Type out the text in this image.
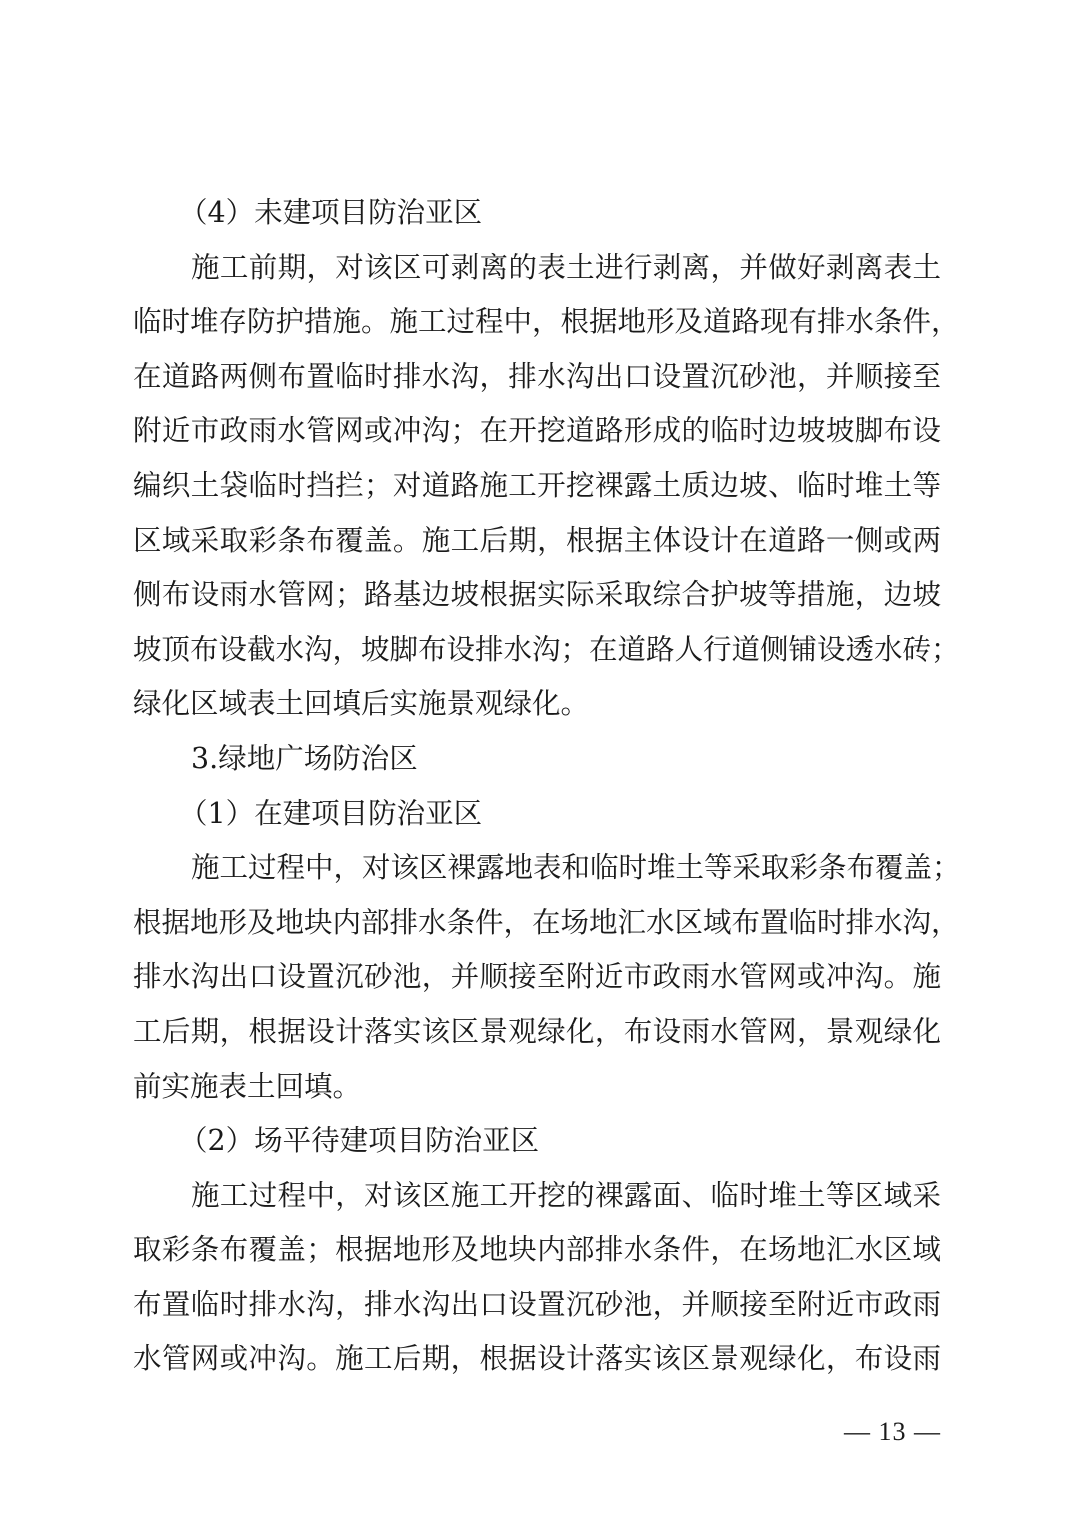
（4）未建项目防治亚区
施工前期，对该区可剥离的表土进行剥离，并做好剥离表土
临时堆存防护措施。施工过程中，根据地形及道路现有排水条件，
在道路两侧布置临时排水沟，排水沟出口设置沉砂池，并顺接至
附近市政雨水管网或冲沟；在开挖道路形成的临时边坡坡脚布设
编织土袋临时挡拦；对道路施工开挖裸露土质边坡、临时堆土等
区域采取彩条布覆盖。施工后期，根据主体设计在道路一侧或两
侧布设雨水管网；路基边坡根据实际采取综合护坡等措施，边坡
坡顶布设截水沟，坡脚布设排水沟；在道路人行道侧铺设透水砖；
绿化区域表土回填后实施景观绿化。
3.绿地广场防治区
（1）在建项目防治亚区
施工过程中，对该区裸露地表和临时堆土等采取彩条布覆盖；
根据地形及地块内部排水条件，在场地汇水区域布置临时排水沟，
排水沟出口设置沉砂池，并顺接至附近市政雨水管网或冲沟。施
工后期，根据设计落实该区景观绿化，布设雨水管网，景观绿化
前实施表土回填。
（2）场平待建项目防治亚区
施工过程中，对该区施工开挖的裸露面、临时堆土等区域采
取彩条布覆盖；根据地形及地块内部排水条件，在场地汇水区域
布置临时排水沟，排水沟出口设置沉砂池，并顺接至附近市政雨
水管网或冲沟。施工后期，根据设计落实该区景观绿化，布设雨
— 13 —
